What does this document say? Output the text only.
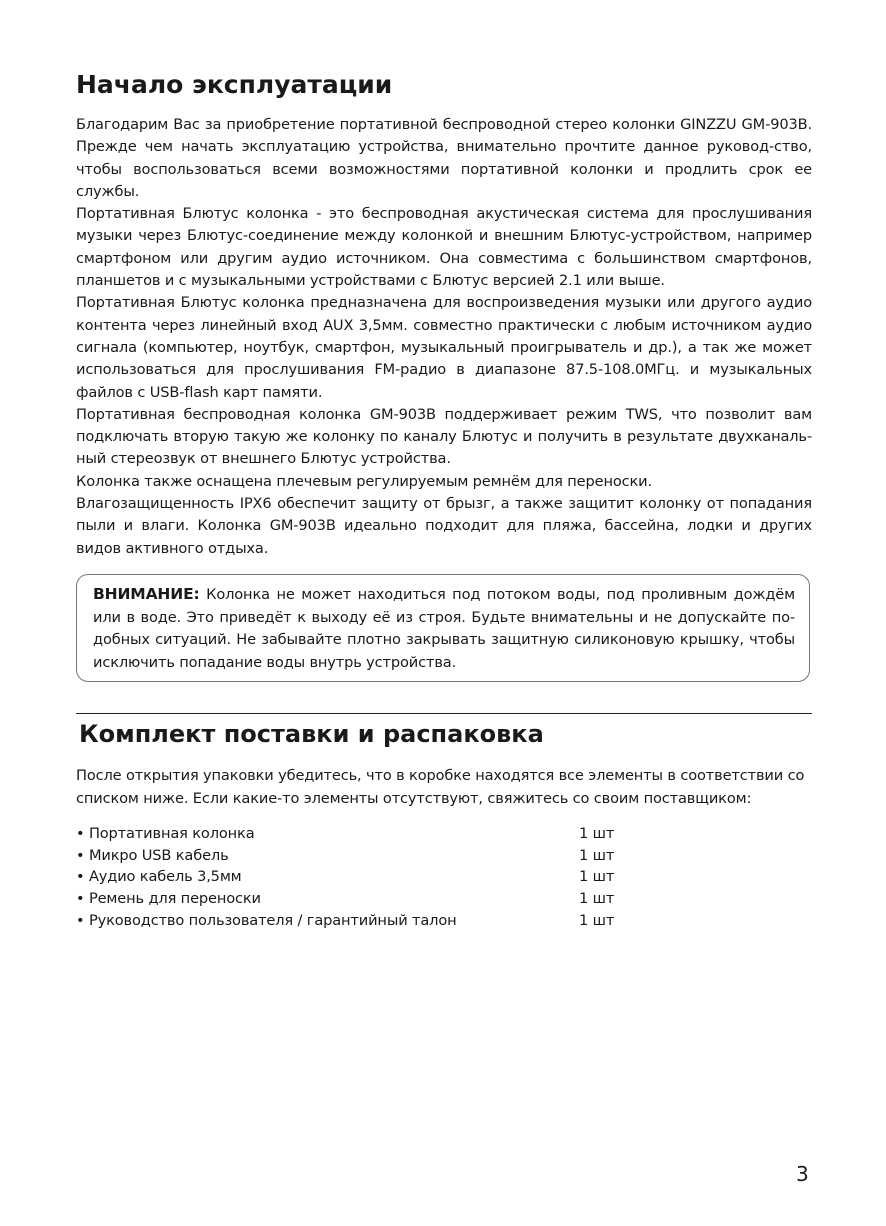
Начало эксплуатации

Благодарим Вас за приобретение портативной беспроводной стерео колонки GINZZU GM-903B. Прежде чем начать эксплуатацию устройства, внимательно прочтите данное руковод-ство, чтобы воспользоваться всеми возможностями портативной колонки и продлить срок ее службы.

Портативная Блютус колонка - это беспроводная акустическая система для прослушивания музыки через Блютус-соединение между колонкой и внешним Блютус-устройством, например смартфоном или другим аудио источником. Она совместима с большинством смартфонов, планшетов и с музыкальными устройствами с Блютус версией 2.1 или выше.

Портативная Блютус колонка предназначена для воспроизведения музыки или другого аудио контента через линейный вход AUX 3,5мм. совместно практически с любым источником аудио сигнала (компьютер, ноутбук, смартфон, музыкальный проигрыватель и др.), а так же может использоваться для прослушивания FM-радио в диапазоне 87.5-108.0МГц. и музыкальных файлов с USB-flash карт памяти.

Портативная беспроводная колонка GM-903B поддерживает режим TWS, что позволит вам подключать вторую такую же колонку по каналу Блютус и получить в результате двухканаль-ный стереозвук от внешнего Блютус устройства.

Колонка также оснащена плечевым регулируемым ремнём для переноски.

Влагозащищенность IPX6 обеспечит защиту от брызг, а также защитит колонку от попадания пыли и влаги. Колонка GM-903B идеально подходит для пляжа, бассейна, лодки и других видов активного отдыха.

ВНИМАНИЕ: Колонка не может находиться под потоком воды, под проливным дождём или в воде. Это приведёт к выходу её из строя. Будьте внимательны и не допускайте по-добных ситуаций. Не забывайте плотно закрывать защитную силиконовую крышку, чтобы исключить попадание воды внутрь устройства.
Комплект поставки и распаковка

После открытия упаковки убедитесь, что в коробке находятся все элементы в соответствии со списком ниже. Если какие-то элементы отсутствуют, свяжитесь со своим поставщиком:

• Портативная колонка	1 шт
• Микро USB кабель	1 шт
• Аудио кабель 3,5мм	1 шт
• Ремень для переноски	1 шт
• Руководство пользователя / гарантийный талон	1 шт
3
